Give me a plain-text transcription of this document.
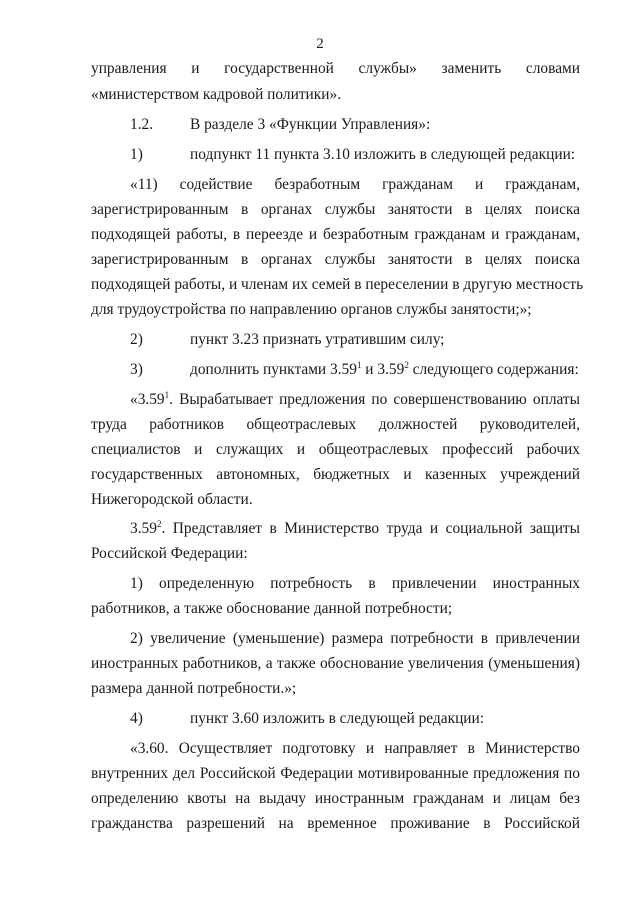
2
управления и государственной службы» заменить словами
«министерством кадровой политики».
1.2. В разделе 3 «Функции Управления»:
1)	подпункт 11 пункта 3.10 изложить в следующей редакции:
«11) содействие безработным гражданам и гражданам,
зарегистрированным в органах службы занятости в целях поиска
подходящей работы, в переезде и безработным гражданам и гражданам,
зарегистрированным в органах службы занятости в целях поиска
подходящей работы, и членам их семей в переселении в другую местность
для трудоустройства по направлению органов службы занятости;»;
2)	пункт 3.23 признать утратившим силу;
3)	дополнить пунктами 3.59$^1$ и 3.59$^2$ следующего содержания:
«3.59$^1$. Вырабатывает предложения по совершенствованию оплаты
труда работников общеотраслевых должностей руководителей,
специалистов и служащих и общеотраслевых профессий рабочих
государственных автономных, бюджетных и казенных учреждений
Нижегородской области.
3.59$^2$. Представляет в Министерство труда и социальной защиты
Российской Федерации:
1) определенную потребность в привлечении иностранных
работников, а также обоснование данной потребности;
2) увеличение (уменьшение) размера потребности в привлечении
иностранных работников, а также обоснование увеличения (уменьшения)
размера данной потребности.»;
4)	пункт 3.60 изложить в следующей редакции:
«3.60. Осуществляет подготовку и направляет в Министерство
внутренних дел Российской Федерации мотивированные предложения по
определению квоты на выдачу иностранным гражданам и лицам без
гражданства разрешений на временное проживание в Российской
